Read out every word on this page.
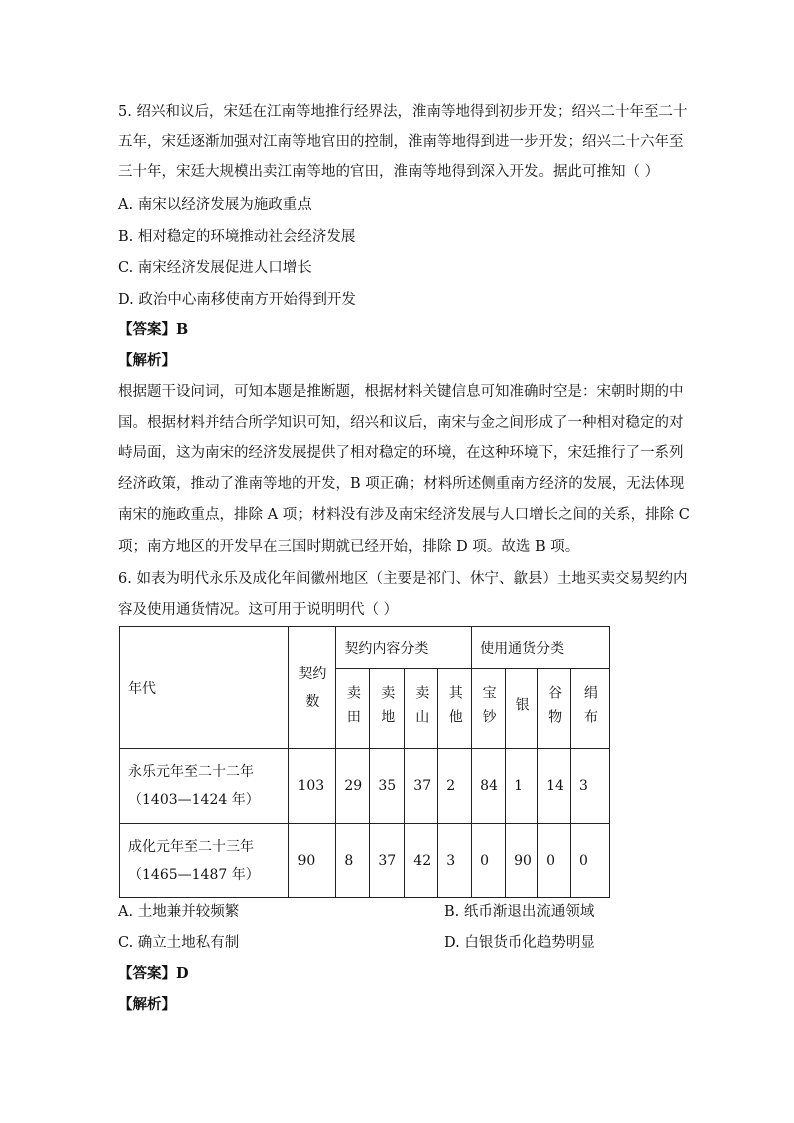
5. 绍兴和议后，宋廷在江南等地推行经界法，淮南等地得到初步开发；绍兴二十年至二十
五年，宋廷逐渐加强对江南等地官田的控制，淮南等地得到进一步开发；绍兴二十六年至
三十年，宋廷大规模出卖江南等地的官田，淮南等地得到深入开发。据此可推知（ ）
A. 南宋以经济发展为施政重点
B. 相对稳定的环境推动社会经济发展
C. 南宋经济发展促进人口增长
D. 政治中心南移使南方开始得到开发
【答案】B
【解析】
根据题干设问词，可知本题是推断题，根据材料关键信息可知准确时空是：宋朝时期的中
国。根据材料并结合所学知识可知，绍兴和议后，南宋与金之间形成了一种相对稳定的对
峙局面，这为南宋的经济发展提供了相对稳定的环境，在这种环境下，宋廷推行了一系列
经济政策，推动了淮南等地的开发，B 项正确；材料所述侧重南方经济的发展，无法体现
南宋的施政重点，排除 A 项；材料没有涉及南宋经济发展与人口增长之间的关系，排除 C
项；南方地区的开发早在三国时期就已经开始，排除 D 项。故选 B 项。
6. 如表为明代永乐及成化年间徽州地区（主要是祁门、休宁、歙县）土地买卖交易契约内
容及使用通货情况。这可用于说明明代（ ）
年代	契约数	契约内容分类				使用通货分类			

		卖田	卖地	卖山	其他	宝钞	银	谷物	绢布

永乐元年至二十二年
（1403—1424 年）	103	29	35	37	2	84	1	14	3

成化元年至二十三年
（1465—1487 年）	90	8	37	42	3	0	90	0	0
A. 土地兼并较频繁	B. 纸币渐退出流通领域
C. 确立土地私有制	D. 白银货币化趋势明显
【答案】D
【解析】
